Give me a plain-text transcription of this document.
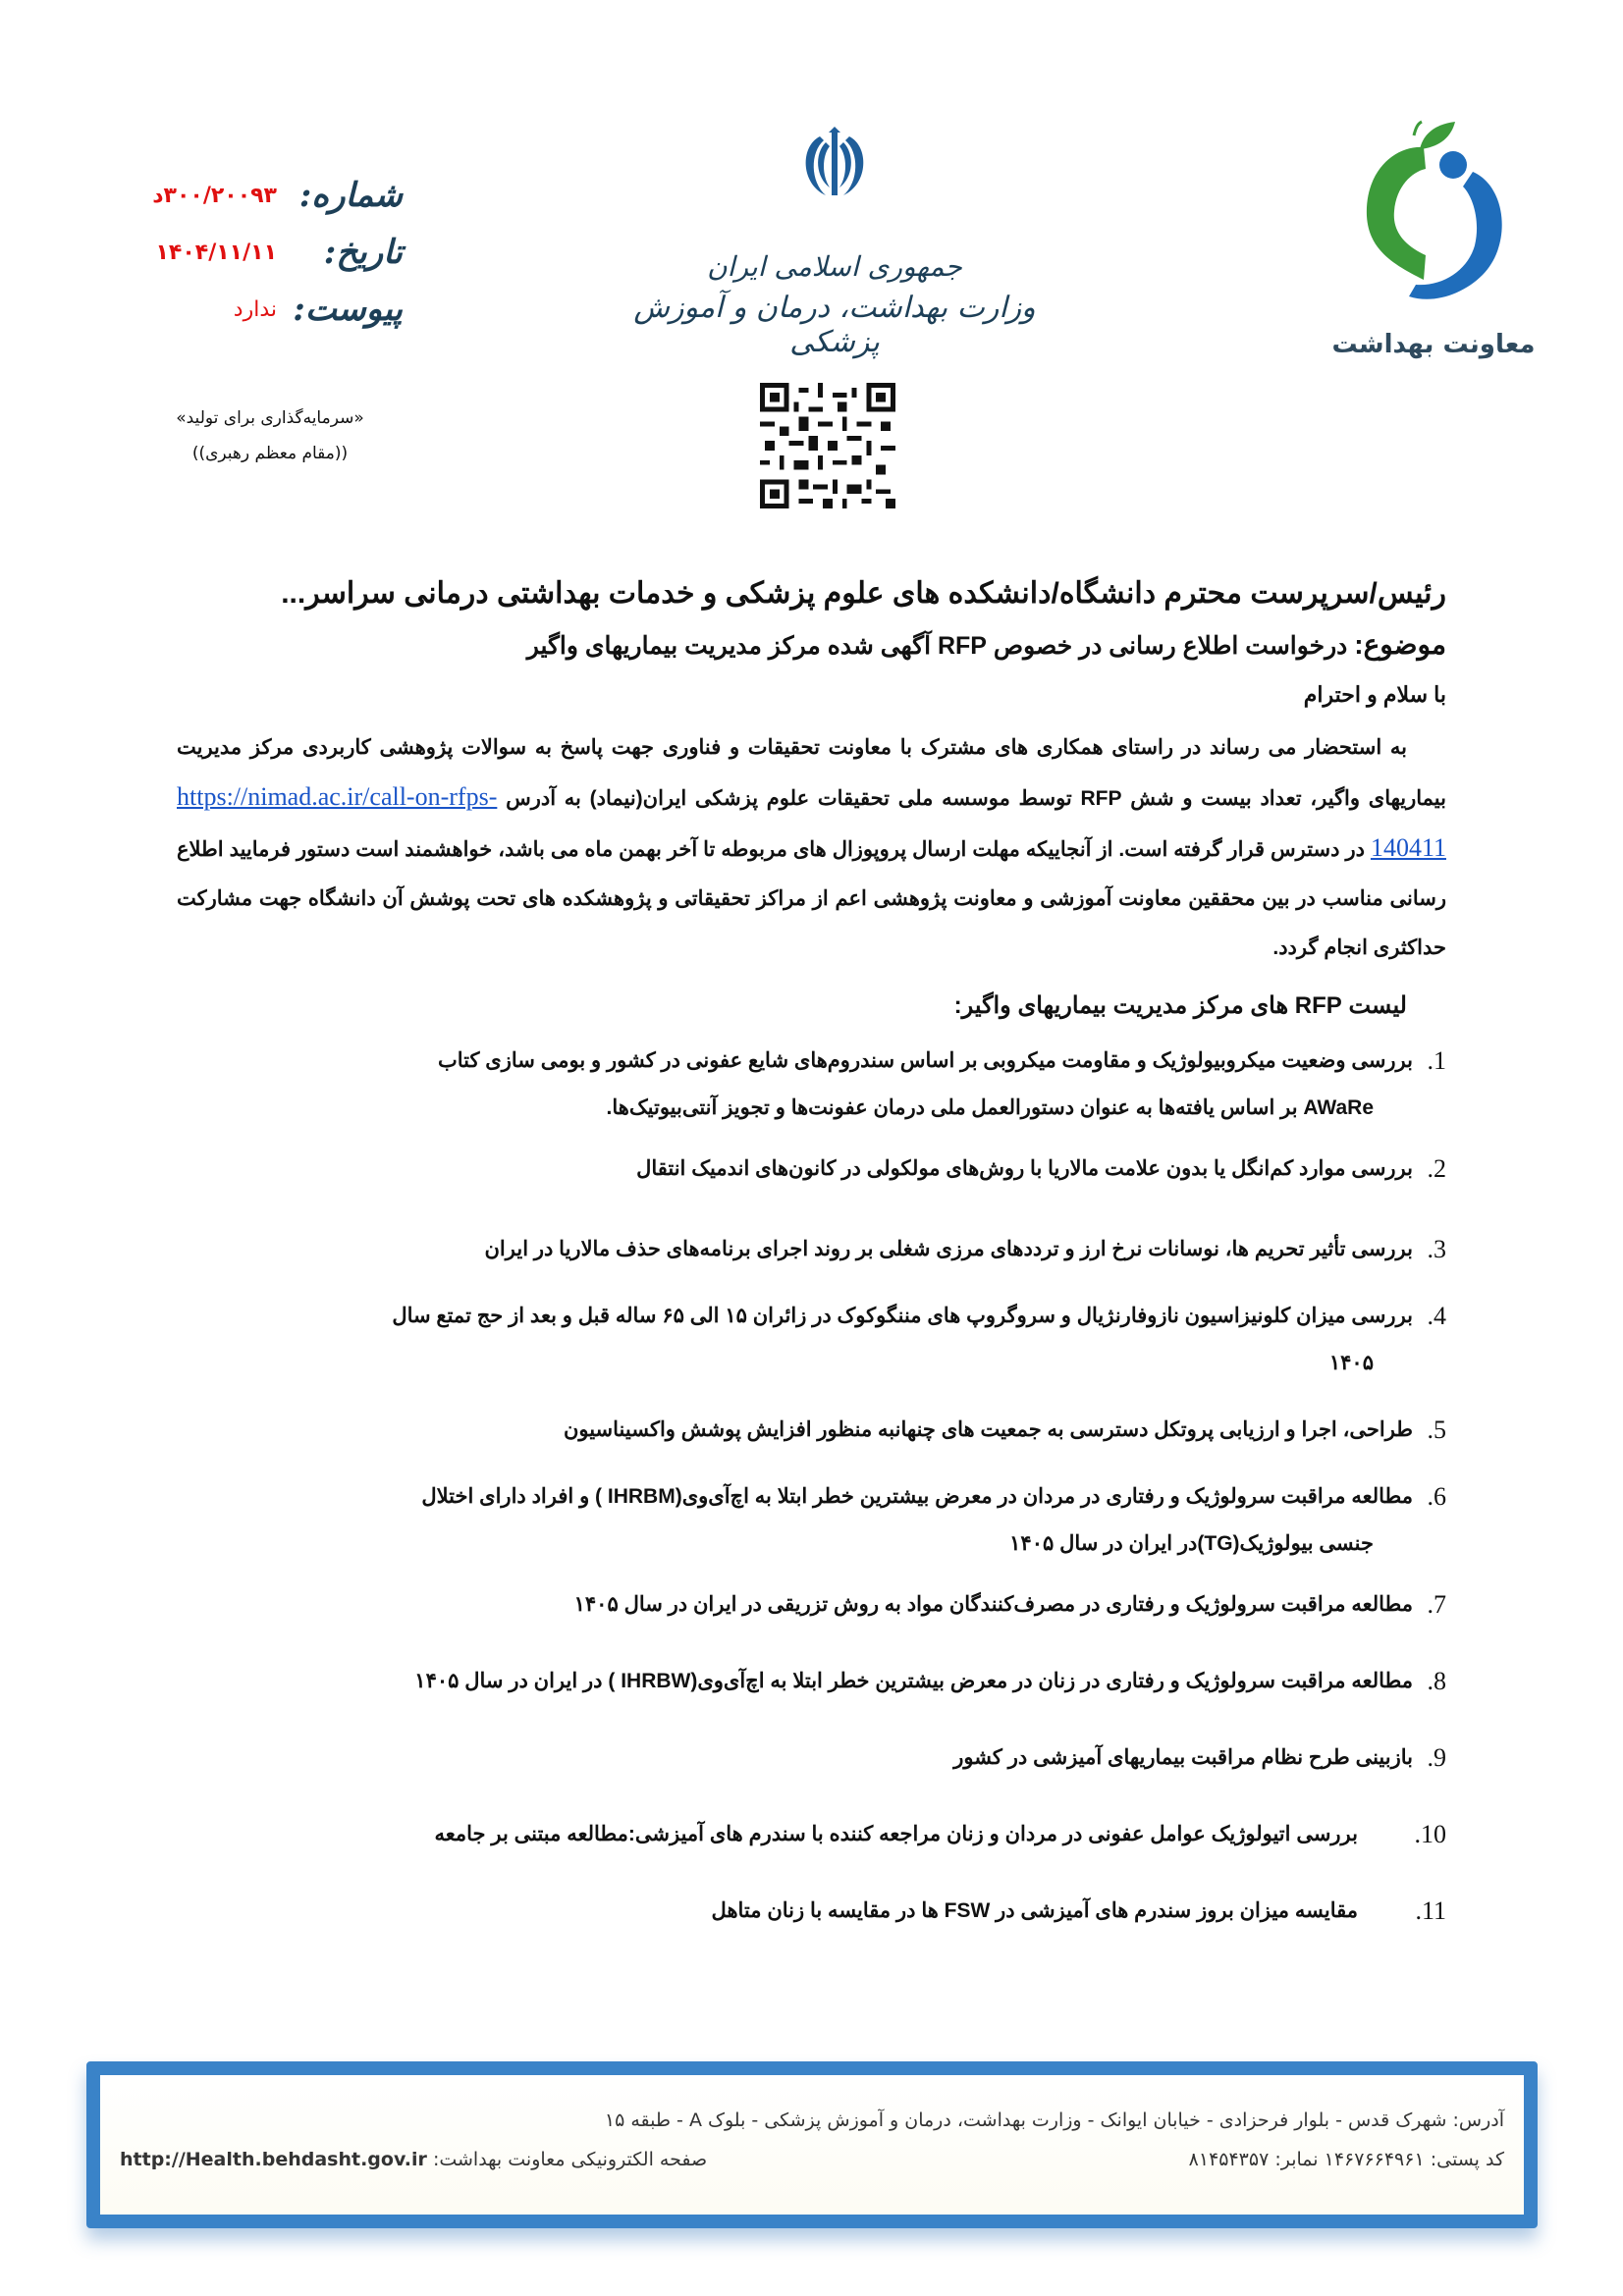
شماره:
۳۰۰/۲۰۰۹۳د
تاریخ:
۱۴۰۴/۱۱/۱۱
پیوست:
ندارد
«سرمایه‌گذاری برای تولید»
((مقام معظم رهبری))
جمهوری اسلامی ایران
وزارت بهداشت، درمان و آموزش پزشکی	معاونت بهداشت
رئیس/سرپرست محترم دانشگاه/دانشکده های علوم پزشکی و خدمات بهداشتی درمانی سراسر...
موضوع: درخواست اطلاع رسانی در خصوص RFP آگهی شده مرکز مدیریت بیماریهای واگیر
با سلام و احترام

به استحضار می رساند در راستای همکاری های مشترک با معاونت تحقیقات و فناوری جهت پاسخ به سوالات پژوهشی کاربردی مرکز مدیریت بیماریهای واگیر، تعداد بیست و شش RFP توسط موسسه ملی تحقیقات علوم پزشکی ایران(نیماد) به آدرس https://nimad.ac.ir/call-on-rfps-140411 در دسترس قرار گرفته است. از آنجاییکه مهلت ارسال پروپوزال های مربوطه تا آخر بهمن ماه می باشد، خواهشمند است دستور فرمایید اطلاع رسانی مناسب در بین محققین معاونت آموزشی و معاونت پژوهشی اعم از مراکز تحقیقاتی و پژوهشکده های تحت پوشش آن دانشگاه جهت مشارکت حداکثری انجام گردد.

لیست RFP های مرکز مدیریت بیماریهای واگیر:
1.
بررسی وضعیت میکروبیولوژیک و مقاومت میکروبی بر اساس سندروم‌های شایع عفونی در کشور و بومی سازی کتاب
AWaRe بر اساس یافته‌ها به عنوان دستورالعمل ملی درمان عفونت‌ها و تجویز آنتی‌بیوتیک‌ها.
2.
بررسی موارد کم‌انگل یا بدون علامت مالاریا با روش‌های مولکولی در کانون‌های اندمیک انتقال
3.
بررسی تأثیر تحریم ها، نوسانات نرخ ارز و ترددهای مرزی شغلی بر روند اجرای برنامه‌های حذف مالاریا در ایران
4.
بررسی میزان کلونیزاسیون نازوفارنژیال و سروگروپ های مننگوکوک در زائران ۱۵ الی ۶۵ ساله قبل و بعد از حج تمتع سال
۱۴۰۵
5.
طراحی، اجرا و ارزیابی پروتکل دسترسی به جمعیت های چنهانبه منظور افزایش پوشش واکسیناسیون
6.
مطالعه مراقبت سرولوژیک و رفتاری در مردان در معرض بیشترین خطر ابتلا به اچ‌آی‌وی(IHRBM ) و افراد دارای اختلال
جنسی بیولوژیک(TG)در ایران در سال ۱۴۰۵
7.
مطالعه مراقبت سرولوژیک و رفتاری در مصرف‌کنندگان مواد به روش تزریقی در ایران در سال ۱۴۰۵
8.
مطالعه مراقبت سرولوژیک و رفتاری در زنان در معرض بیشترین خطر ابتلا به اچ‌آی‌وی(IHRBW ) در ایران در سال ۱۴۰۵
9.
بازبینی طرح نظام مراقبت بیماریهای آمیزشی در کشور
10.
بررسی اتیولوژیک عوامل عفونی در مردان و زنان مراجعه کننده با سندرم های آمیزشی:مطالعه مبتنی بر جامعه
11.
مقایسه میزان بروز سندرم های آمیزشی در FSW ها در مقایسه با زنان متاهل
آدرس: شهرک قدس - بلوار فرحزادی - خیابان ایوانک - وزارت بهداشت، درمان و آموزش پزشکی - بلوک A - طبقه ۱۵
کد پستی: ۱۴۶۷۶۶۴۹۶۱ نمابر: ۸۱۴۵۴۳۵۷
صفحه الکترونیکی معاونت بهداشت: http://Health.behdasht.gov.ir
